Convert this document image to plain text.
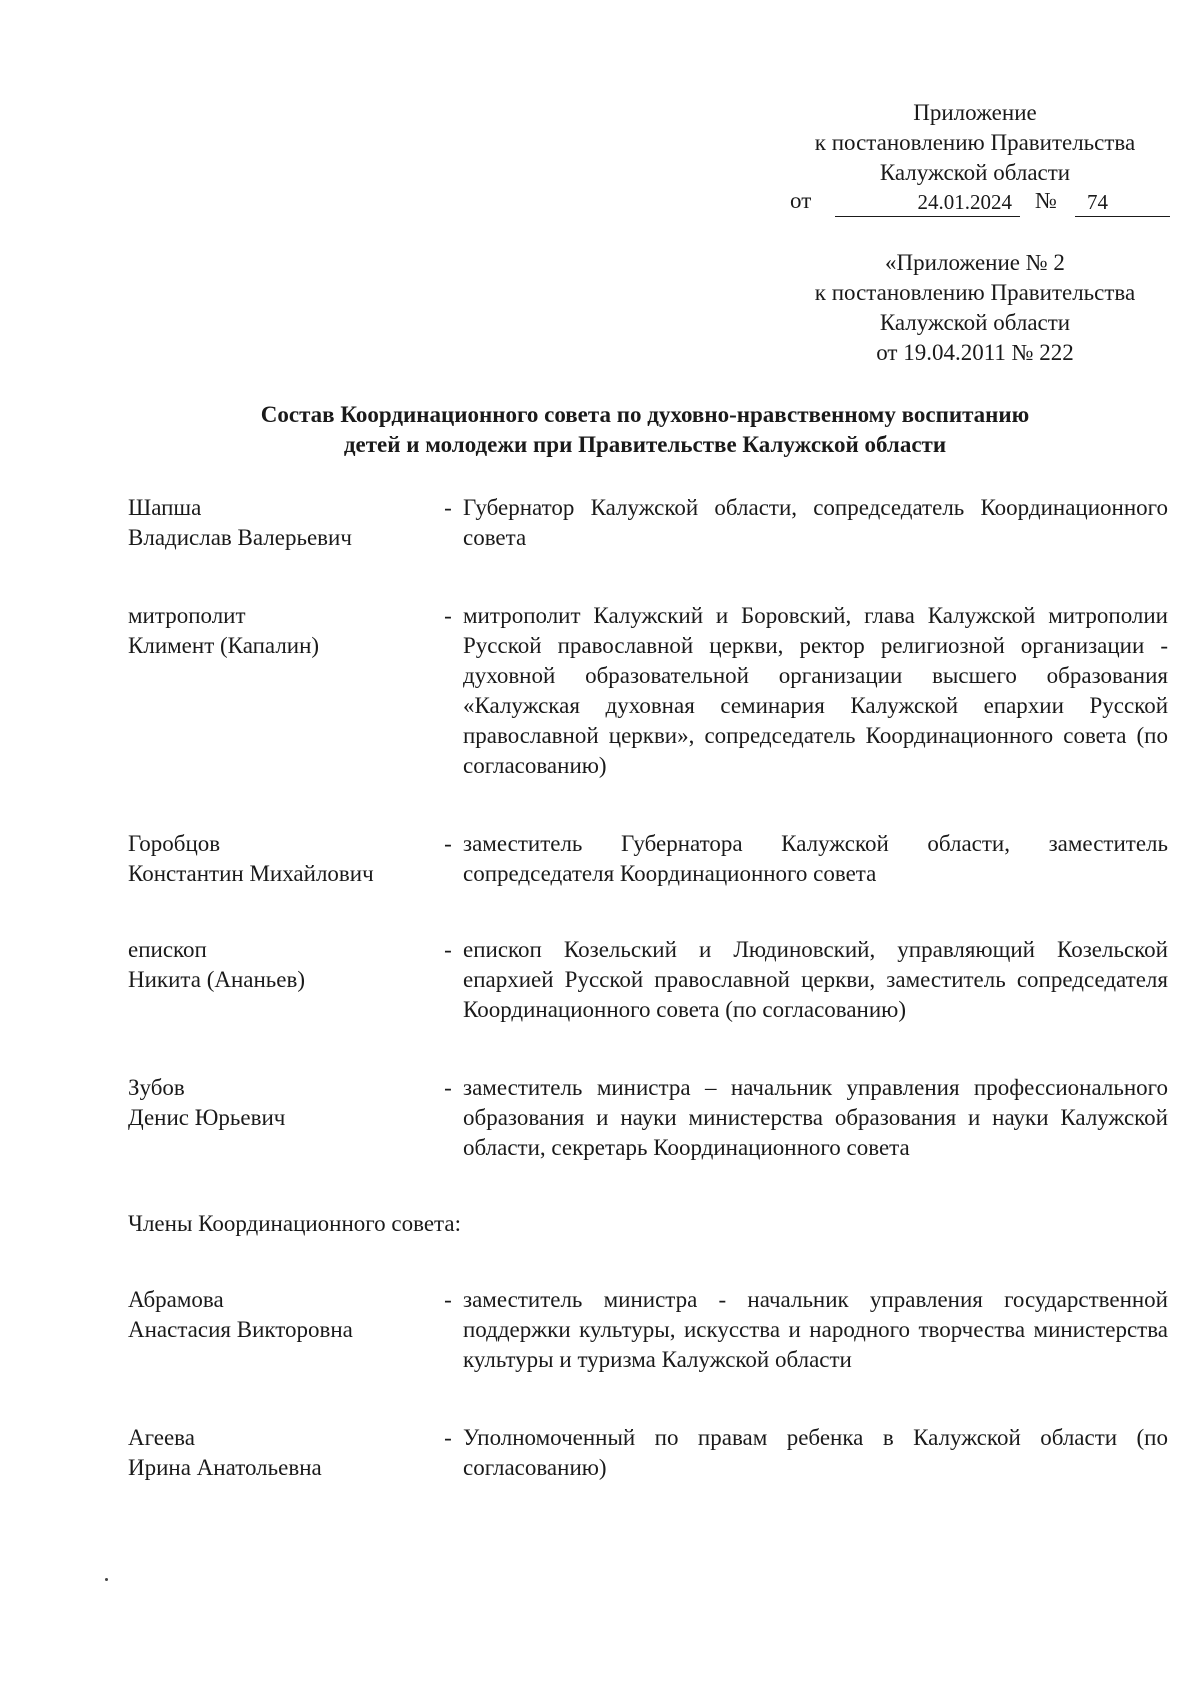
Приложение
к постановлению Правительства
Калужской области
от	24.01.2024	№	74
«Приложение № 2
к постановлению Правительства
Калужской области
от 19.04.2011 № 222
Состав Координационного совета по духовно-нравственному воспитанию
детей и молодежи при Правительстве Калужской области
Шапша
Владислав Валерьевич
- Губернатор Калужской области, сопредседатель Координационного совета
митрополит
Климент (Капалин)
- митрополит Калужский и Боровский, глава Калужской митрополии Русской православной церкви, ректор религиозной организации - духовной образовательной организации высшего образования «Калужская духовная семинария Калужской епархии Русской православной церкви», сопредседатель Координационного совета (по согласованию)
Горобцов
Константин Михайлович
- заместитель Губернатора Калужской области, заместитель сопредседателя Координационного совета
епископ
Никита (Ананьев)
- епископ Козельский и Людиновский, управляющий Козельской епархией Русской православной церкви, заместитель сопредседателя Координационного совета (по согласованию)
Зубов
Денис Юрьевич
- заместитель министра – начальник управления профессионального образования и науки министерства образования и науки Калужской области, секретарь Координационного совета
Члены Координационного совета:
Абрамова
Анастасия Викторовна
- заместитель министра - начальник управления государственной поддержки культуры, искусства и народного творчества министерства культуры и туризма Калужской области
Агеева
Ирина Анатольевна
- Уполномоченный по правам ребенка в Калужской области (по согласованию)
